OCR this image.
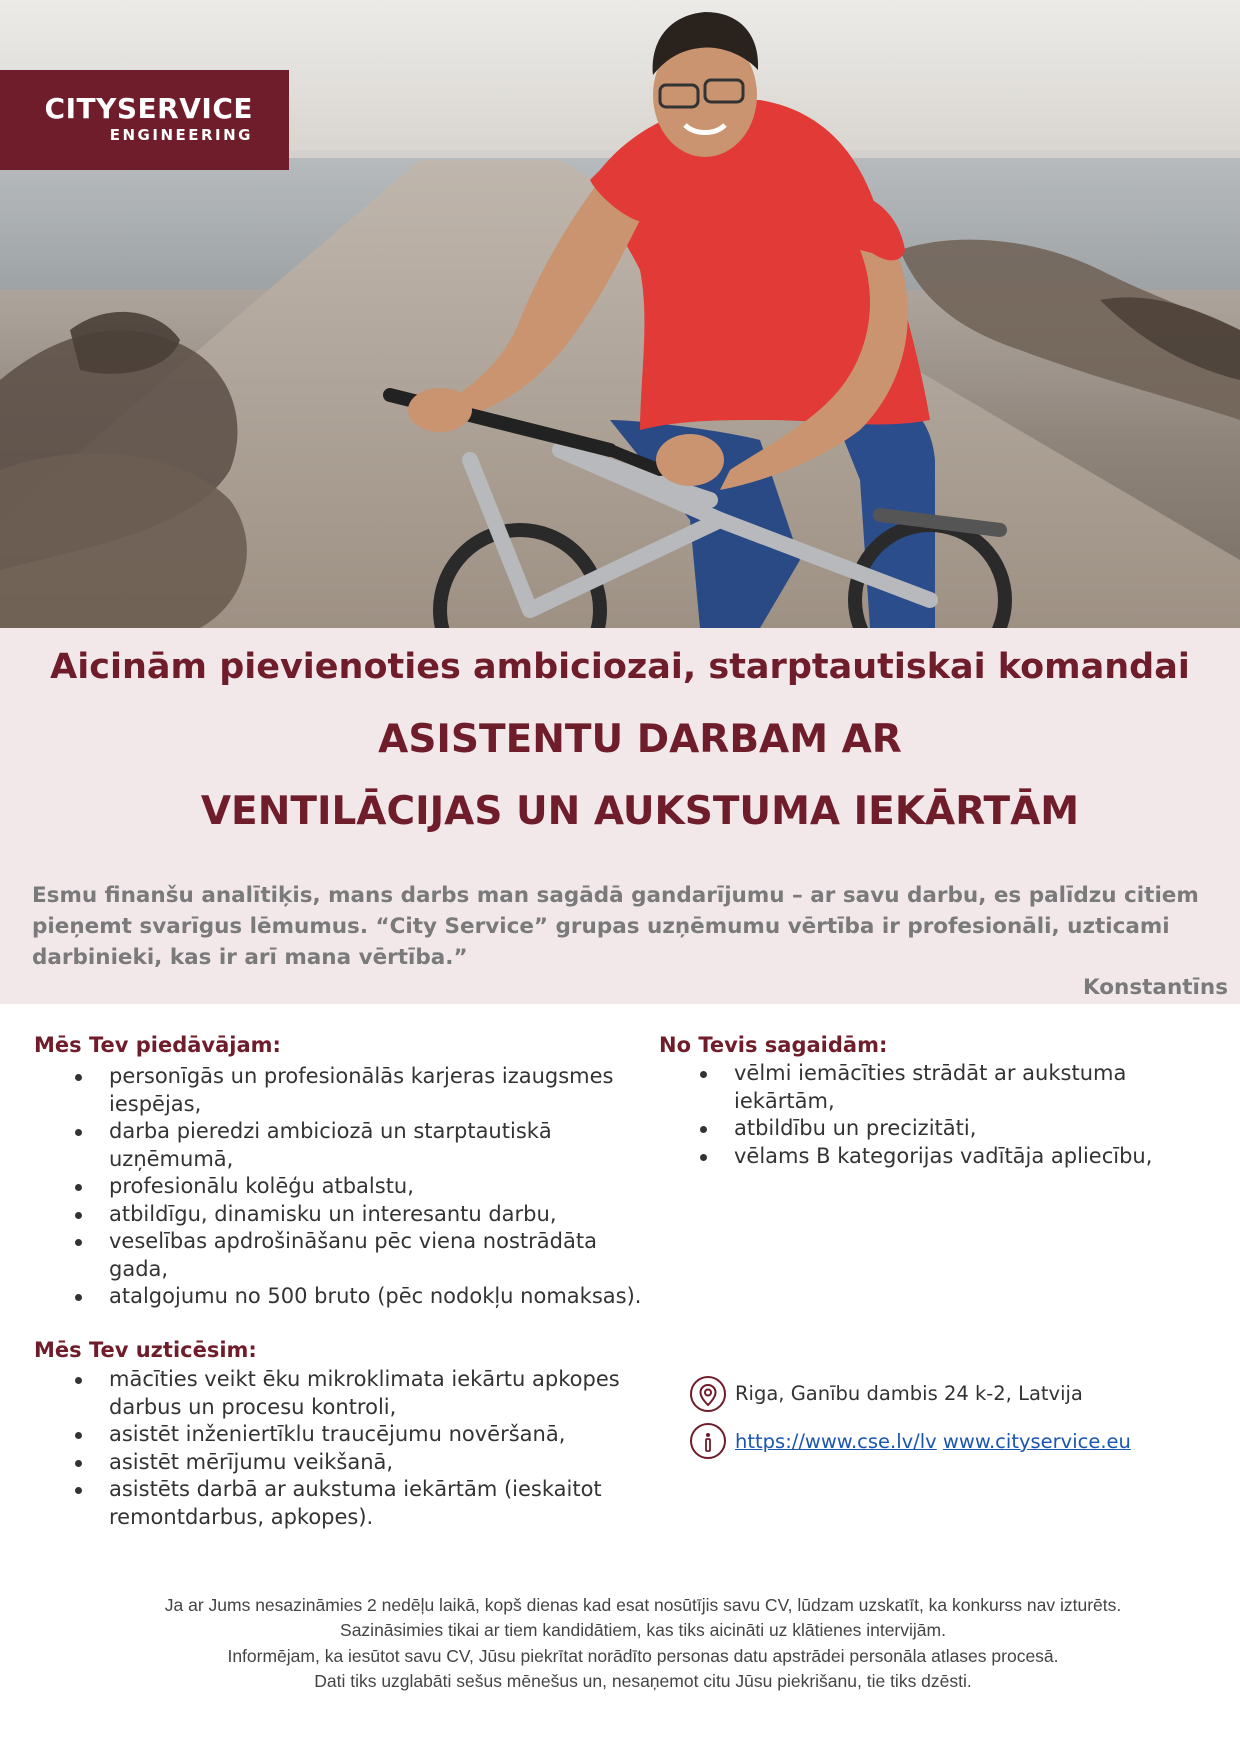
CITYSERVICE
ENGINEERING
Aicinām pievienoties ambiciozai, starptautiskai komandai
ASISTENTU DARBAM AR
VENTILĀCIJAS UN AUKSTUMA IEKĀRTĀM
Esmu finanšu analītiķis, mans darbs man sagādā gandarījumu – ar savu darbu, es palīdzu citiem pieņemt svarīgus lēmumus. “City Service” grupas uzņēmumu vērtība ir profesionāli, uzticami darbinieki, kas ir arī mana vērtība.”
Konstantīns
Mēs Tev piedāvājam:
personīgās un profesionālās karjeras izaugsmes iespējas,
darba pieredzi ambiciozā un starptautiskā uzņēmumā,
profesionālu kolēģu atbalstu,
atbildīgu, dinamisku un interesantu darbu,
veselības apdrošināšanu pēc viena nostrādāta gada,
atalgojumu no 500 bruto (pēc nodokļu nomaksas).
No Tevis sagaidām:
vēlmi iemācīties strādāt ar aukstuma iekārtām,
atbildību un precizitāti,
vēlams B kategorijas vadītāja apliecību,
Mēs Tev uzticēsim:
mācīties veikt ēku mikroklimata iekārtu apkopes darbus un procesu kontroli,
asistēt inženiertīklu traucējumu novēršanā,
asistēt mērījumu veikšanā,
asistēts darbā ar aukstuma iekārtām (ieskaitot remontdarbus, apkopes).
Riga, Ganību dambis 24 k-2, Latvija
https://www.cse.lv/lv www.cityservice.eu
Ja ar Jums nesazināmies 2 nedēļu laikā, kopš dienas kad esat nosūtījis savu CV, lūdzam uzskatīt, ka konkurss nav izturēts.
Sazināsimies tikai ar tiem kandidātiem, kas tiks aicināti uz klātienes intervijām.
Informējam, ka iesūtot savu CV, Jūsu piekrītat norādīto personas datu apstrādei personāla atlases procesā.
Dati tiks uzglabāti sešus mēnešus un, nesaņemot citu Jūsu piekrišanu, tie tiks dzēsti.
